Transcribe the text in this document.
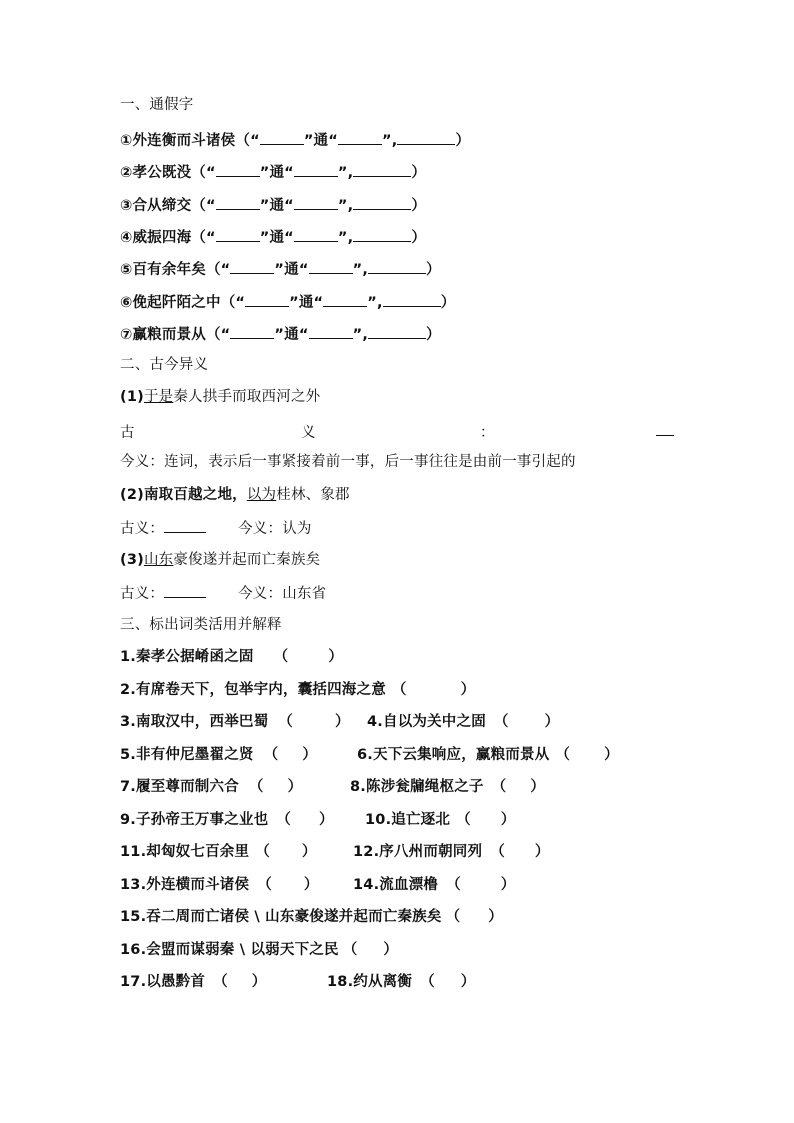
一、通假字
①外连衡而斗诸侯（“	”通“	”,	）
②孝公既没（“	”通“	”,	）
③合从缔交（“	”通“	”,	）
④威振四海（“	”通“	”,	）
⑤百有余年矣（“	”通“	”,	）
⑥俛起阡陌之中（“	”通“	”,	）
⑦赢粮而景从（“	”通“	”,	）
二、古今异义
(1)于是秦人拱手而取西河之外
古	义	：
今义：连词，表示后一事紧接着前一事，后一事往往是由前一事引起的
(2)南取百越之地，以为桂林、象郡
古义：	今义：认为
(3)山东豪俊遂并起而亡秦族矣
古义：	今义：山东省
三、标出词类活用并解释
1.秦孝公据崤函之固 （	）
2.有席卷天下，包举宇内，囊括四海之意 （	）
3.南取汉中，西举巴蜀 （	） 4.自以为关中之固 （ ）
5.非有仲尼墨翟之贤 （ ）	6.天下云集响应，赢粮而景从 （ ）
7.履至尊而制六合 （ ）	8.陈涉瓮牖绳枢之子 （ ）
9.子孙帝王万事之业也 （ ） 10.追亡逐北 （ ）
11.却匈奴七百余里 （ ）	12.序八州而朝同列 （ ）
13.外连横而斗诸侯 （ ） 14.流血漂橹 （	）
15.吞二周而亡诸侯 \ 山东豪俊遂并起而亡秦族矣 （ ）
16.会盟而谋弱秦 \ 以弱天下之民 （ ）
17.以愚黔首 （ ）	18.约从离衡 （ ）
